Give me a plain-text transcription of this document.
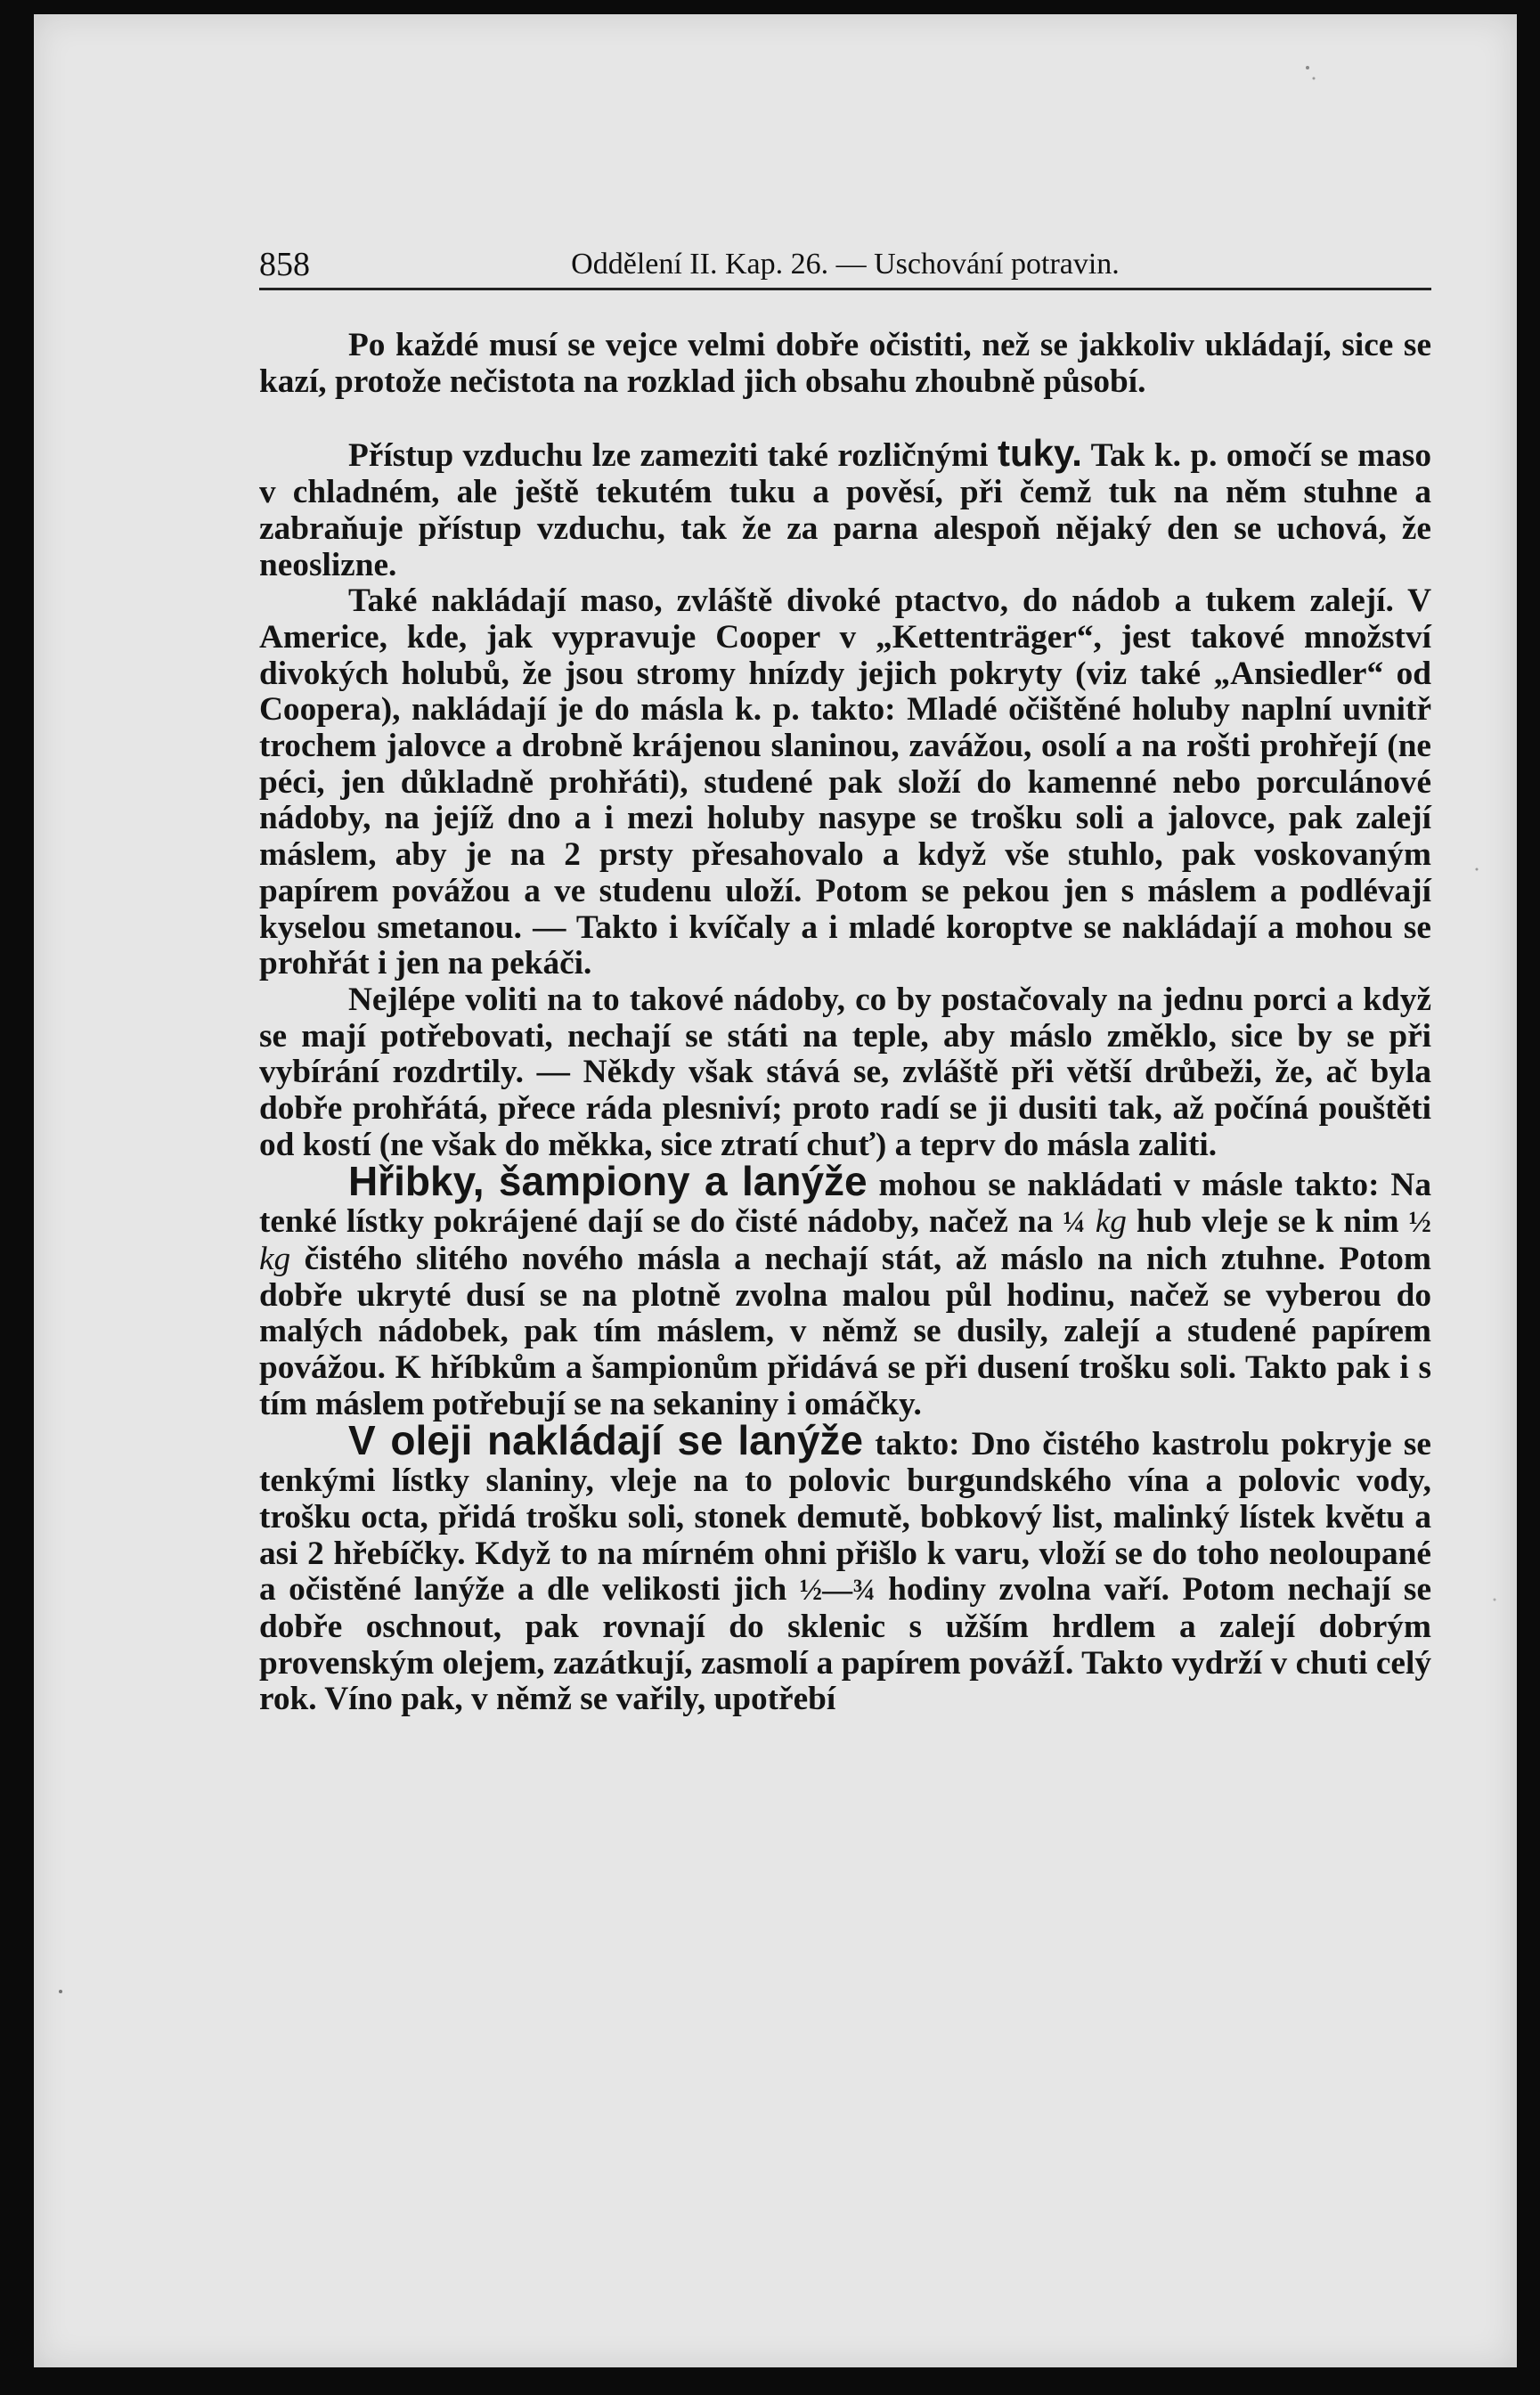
858	Oddělení II. Kap. 26. — Uschování potravin.

Po každé musí se vejce velmi dobře očistiti, než se jakkoliv ukládají, sice se kazí, protože nečistota na rozklad jich obsahu zhoubně působí.

Přístup vzduchu lze zameziti také rozličnými tuky. Tak k. p. omočí se maso v chladném, ale ještě tekutém tuku a pověsí, při čemž tuk na něm stuhne a zabraňuje přístup vzduchu, tak že za parna alespoň nějaký den se uchová, že neoslizne.

Také nakládají maso, zvláště divoké ptactvo, do nádob a tukem zalejí. V Americe, kde, jak vypravuje Cooper v „Kettenträger“, jest takové množství divokých holubů, že jsou stromy hnízdy jejich pokryty (viz také „Ansiedler“ od Coopera), nakládají je do másla k. p. takto: Mladé očištěné holuby naplní uvnitř trochem jalovce a drobně krájenou slaninou, zavážou, osolí a na rošti prohřejí (ne péci, jen důkladně prohřáti), studené pak složí do kamenné nebo porculánové nádoby, na jejíž dno a i mezi holuby nasype se trošku soli a jalovce, pak zalejí máslem, aby je na 2 prsty přesahovalo a když vše stuhlo, pak voskovaným papírem povážou a ve studenu uloží. Potom se pekou jen s máslem a podlévají kyselou smetanou. — Takto i kvíčaly a i mladé koroptve se nakládají a mohou se prohřát i jen na pekáči.

Nejlépe voliti na to takové nádoby, co by postačovaly na jednu porci a když se mají potřebovati, nechají se státi na teple, aby máslo změklo, sice by se při vybírání rozdrtily. — Někdy však stává se, zvláště při větší drůbeži, že, ač byla dobře prohřátá, přece ráda plesniví; proto radí se ji dusiti tak, až počíná pouštěti od kostí (ne však do měkka, sice ztratí chuť) a teprv do másla zaliti.

Hřibky, šampiony a lanýže mohou se nakládati v másle takto: Na tenké lístky pokrájené dají se do čisté nádoby, načež na ¼ kg hub vleje se k nim ½ kg čistého slitého nového másla a nechají stát, až máslo na nich ztuhne. Potom dobře ukryté dusí se na plotně zvolna malou půl hodinu, načež se vyberou do malých nádobek, pak tím máslem, v němž se dusily, zalejí a studené papírem povážou. K hříbkům a šampionům přidává se při dusení trošku soli. Takto pak i s tím máslem potřebují se na sekaniny i omáčky.

V oleji nakládají se lanýže takto: Dno čistého kastrolu pokryje se tenkými lístky slaniny, vleje na to polovic burgundského vína a polovic vody, trošku octa, přidá trošku soli, stonek demutě, bobkový list, malinký lístek květu a asi 2 hřebíčky. Když to na mírném ohni přišlo k varu, vloží se do toho neoloupané a očistěné lanýže a dle velikosti jich ½—¾ hodiny zvolna vaří. Potom nechají se dobře oschnout, pak rovnají do sklenic s užším hrdlem a zalejí dobrým provenským olejem, zazátkují, zasmolí a papírem povážÍ. Takto vydrží v chuti celý rok. Víno pak, v němž se vařily, upotřebí
